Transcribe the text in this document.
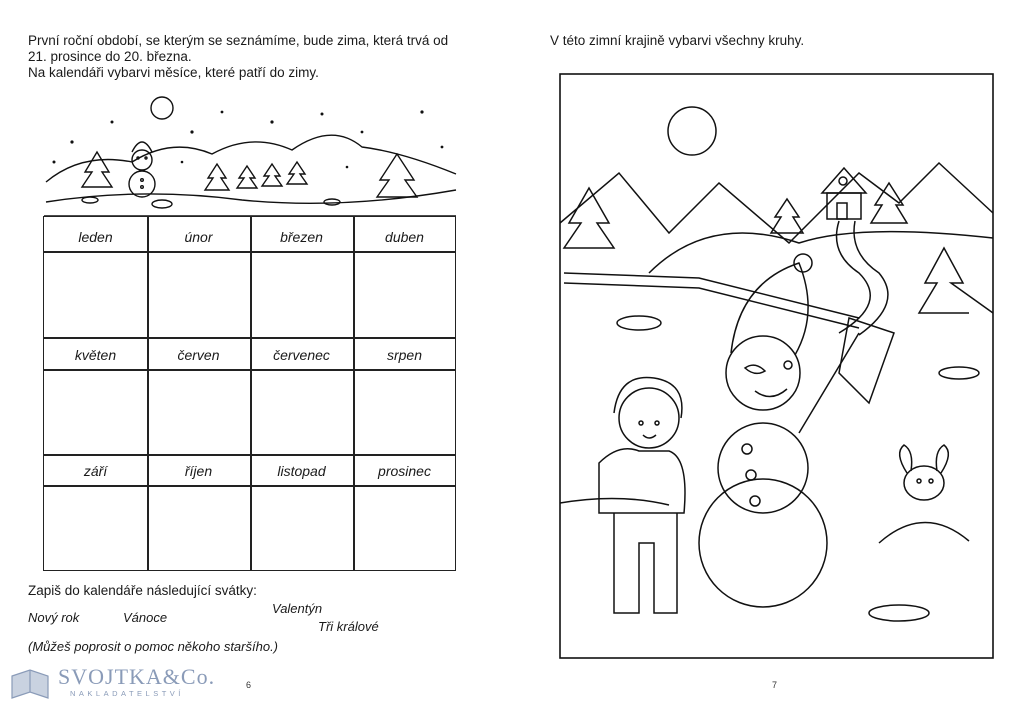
První roční období, se kterým se seznámíme, bude zima, která trvá od
21. prosince do 20. března.
Na kalendáři vybarvi měsíce, které patří do zimy.
leden	únor	březen	duben
květen	červen	červenec	srpen
září	říjen	listopad	prosinec
Zapiš do kalendáře následující svátky:
Nový rok	Vánoce
Valentýn
Tři králové
(Můžeš poprosit o pomoc někoho staršího.)
SVOJTKA&Co.
NAKLADATELSTVÍ
6
V této zimní krajině vybarvi všechny kruhy.
7
